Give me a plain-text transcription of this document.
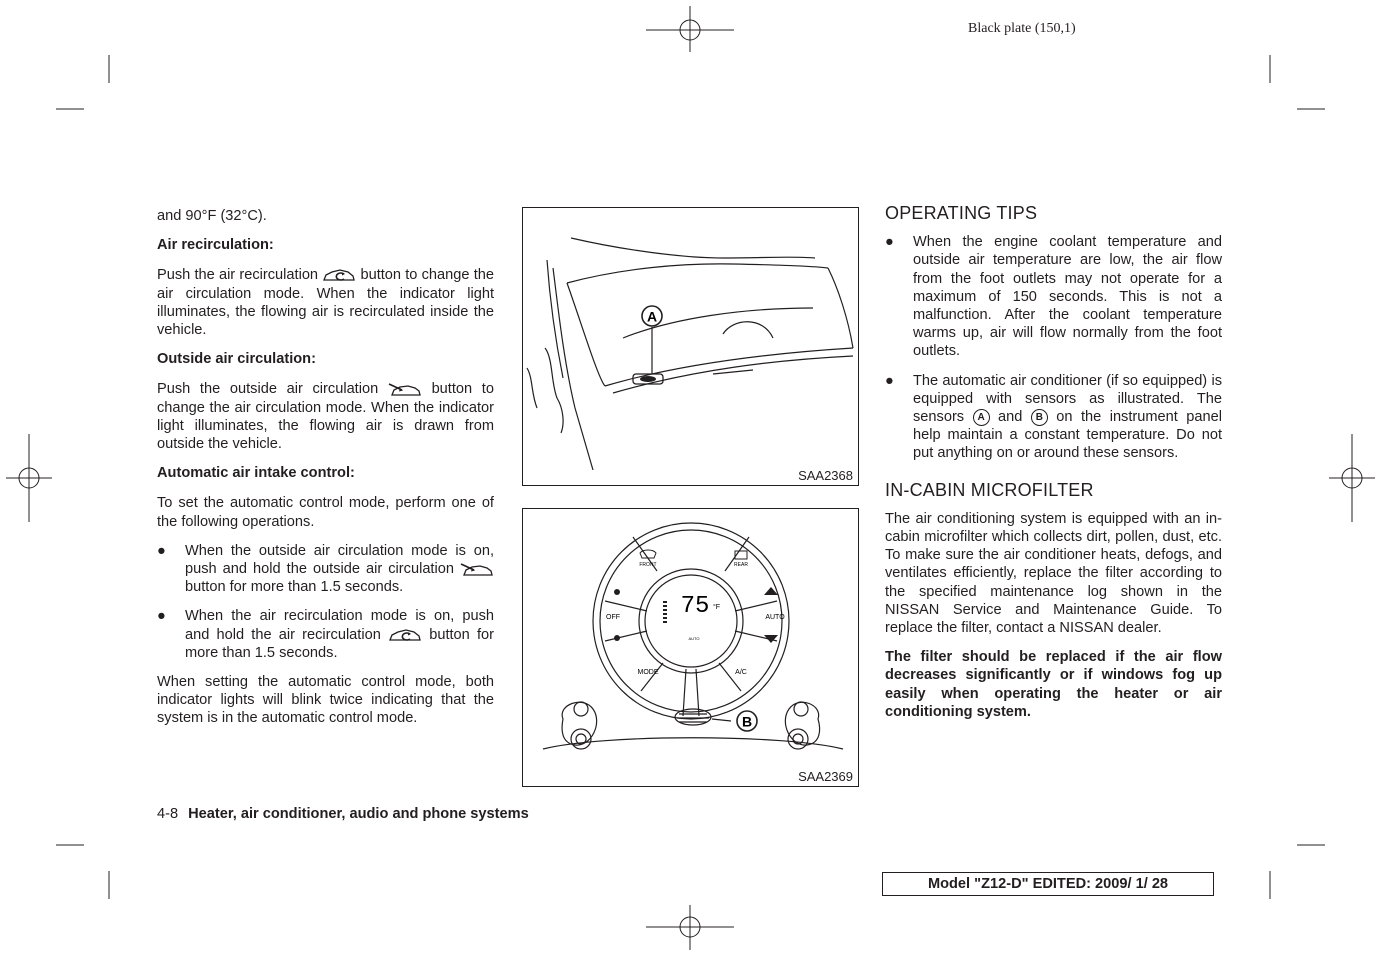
Black plate (150,1)

and 90°F (32°C).

Air recirculation:

Push the air recirculation	button to change the air circulation mode. When the indicator light illuminates, the flowing air is recirculated inside the vehicle.

Outside air circulation:

Push the outside air circulation	button to change the air circulation mode. When the indicator light illuminates, the flowing air is drawn from outside the vehicle.

Automatic air intake control:

To set the automatic control mode, perform one of the following operations.

● When the outside air circulation mode is on, push and hold the outside air circulation  button for more than 1.5 seconds.
● When the air recirculation mode is on, push and hold the air recirculation	button for more than 1.5 seconds.

When setting the automatic control mode, both indicator lights will blink twice indicating that the system is in the automatic control mode.

A
SAA2368
FRONT	REAR
OFF	AUTO
MODE	A/C
75 °F
AUTO
B
SAA2369
OPERATING TIPS
● When the engine coolant temperature and outside air temperature are low, the air flow from the foot outlets may not operate for a maximum of 150 seconds. This is not a malfunction. After the coolant temperature warms up, air will flow normally from the foot outlets.
● The automatic air conditioner (if so equipped) is equipped with sensors as illustrated. The sensors A and B on the instrument panel help maintain a constant temperature. Do not put anything on or around these sensors.
IN-CABIN MICROFILTER

The air conditioning system is equipped with an in-cabin microfilter which collects dirt, pollen, dust, etc. To make sure the air conditioner heats, defogs, and ventilates efficiently, replace the filter according to the specified maintenance log shown in the NISSAN Service and Maintenance Guide. To replace the filter, contact a NISSAN dealer.

The filter should be replaced if the air flow decreases significantly or if windows fog up easily when operating the heater or air conditioning system.

4-8 Heater, air conditioner, audio and phone systems
Model "Z12-D" EDITED: 2009/ 1/ 28
